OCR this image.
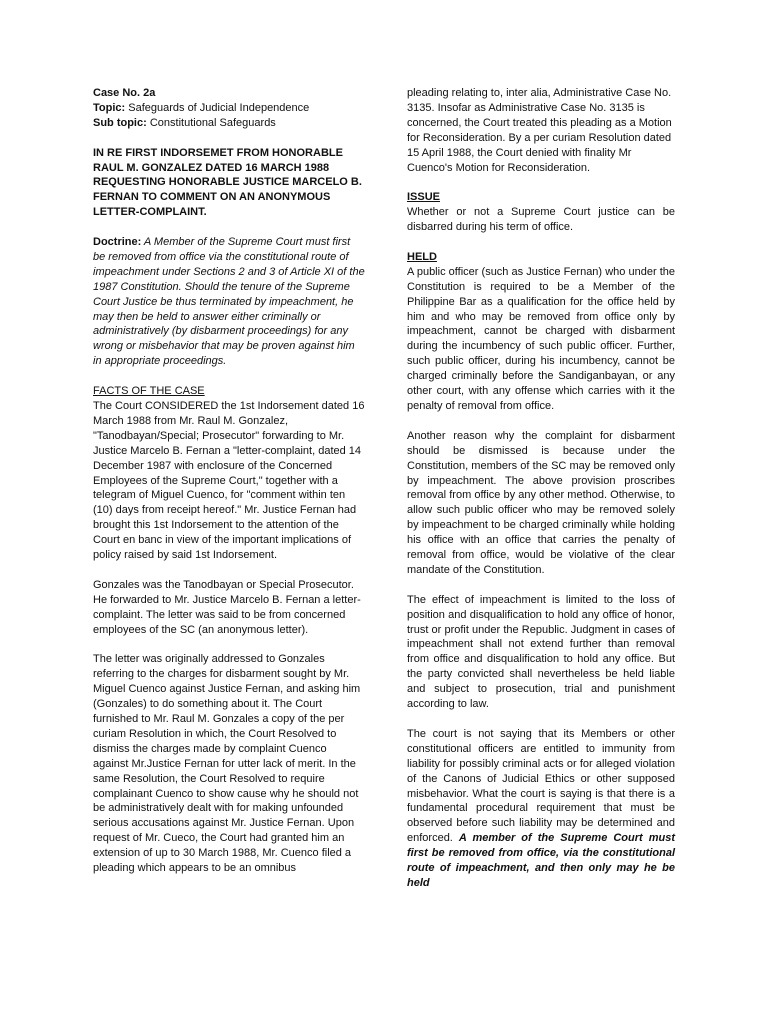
Case No. 2a

Topic: Safeguards of Judicial Independence

Sub topic: Constitutional Safeguards

IN RE FIRST INDORSEMET FROM HONORABLE RAUL M. GONZALEZ DATED 16 MARCH 1988 REQUESTING HONORABLE JUSTICE MARCELO B. FERNAN TO COMMENT ON AN ANONYMOUS LETTER-COMPLAINT.

Doctrine: A Member of the Supreme Court must first be removed from office via the constitutional route of impeachment under Sections 2 and 3 of Article XI of the 1987 Constitution. Should the tenure of the Supreme Court Justice be thus terminated by impeachment, he may then be held to answer either criminally or administratively (by disbarment proceedings) for any wrong or misbehavior that may be proven against him in appropriate proceedings.

FACTS OF THE CASE

The Court CONSIDERED the 1st Indorsement dated 16 March 1988 from Mr. Raul M. Gonzalez, "Tanodbayan/Special; Prosecutor" forwarding to Mr. Justice Marcelo B. Fernan a "letter-complaint, dated 14 December 1987 with enclosure of the Concerned Employees of the Supreme Court," together with a telegram of Miguel Cuenco, for "comment within ten (10) days from receipt hereof." Mr. Justice Fernan had brought this 1st Indorsement to the attention of the Court en banc in view of the important implications of policy raised by said 1st Indorsement.

Gonzales was the Tanodbayan or Special Prosecutor. He forwarded to Mr. Justice Marcelo B. Fernan a letter-complaint. The letter was said to be from concerned employees of the SC (an anonymous letter).

The letter was originally addressed to Gonzales referring to the charges for disbarment sought by Mr. Miguel Cuenco against Justice Fernan, and asking him (Gonzales) to do something about it. The Court furnished to Mr. Raul M. Gonzales a copy of the per curiam Resolution in which, the Court Resolved to dismiss the charges made by complaint Cuenco against Mr.Justice Fernan for utter lack of merit. In the same Resolution, the Court Resolved to require complainant Cuenco to show cause why he should not be administratively dealt with for making unfounded serious accusations against Mr. Justice Fernan. Upon request of Mr. Cueco, the Court had granted him an extension of up to 30 March 1988, Mr. Cuenco filed a pleading which appears to be an omnibus

pleading relating to, inter alia, Administrative Case No. 3135. Insofar as Administrative Case No. 3135 is concerned, the Court treated this pleading as a Motion for Reconsideration. By a per curiam Resolution dated 15 April 1988, the Court denied with finality Mr Cuenco's Motion for Reconsideration.

ISSUE

Whether or not a Supreme Court justice can be disbarred during his term of office.

HELD

A public officer (such as Justice Fernan) who under the Constitution is required to be a Member of the Philippine Bar as a qualification for the office held by him and who may be removed from office only by impeachment, cannot be charged with disbarment during the incumbency of such public officer. Further, such public officer, during his incumbency, cannot be charged criminally before the Sandiganbayan, or any other court, with any offense which carries with it the penalty of removal from office.

Another reason why the complaint for disbarment should be dismissed is because under the Constitution, members of the SC may be removed only by impeachment. The above provision proscribes removal from office by any other method. Otherwise, to allow such public officer who may be removed solely by impeachment to be charged criminally while holding his office with an office that carries the penalty of removal from office, would be violative of the clear mandate of the Constitution.

The effect of impeachment is limited to the loss of position and disqualification to hold any office of honor, trust or profit under the Republic. Judgment in cases of impeachment shall not extend further than removal from office and disqualification to hold any office. But the party convicted shall nevertheless be held liable and subject to prosecution, trial and punishment according to law.

The court is not saying that its Members or other constitutional officers are entitled to immunity from liability for possibly criminal acts or for alleged violation of the Canons of Judicial Ethics or other supposed misbehavior. What the court is saying is that there is a fundamental procedural requirement that must be observed before such liability may be determined and enforced. A member of the Supreme Court must first be removed from office, via the constitutional route of impeachment, and then only may he be held
